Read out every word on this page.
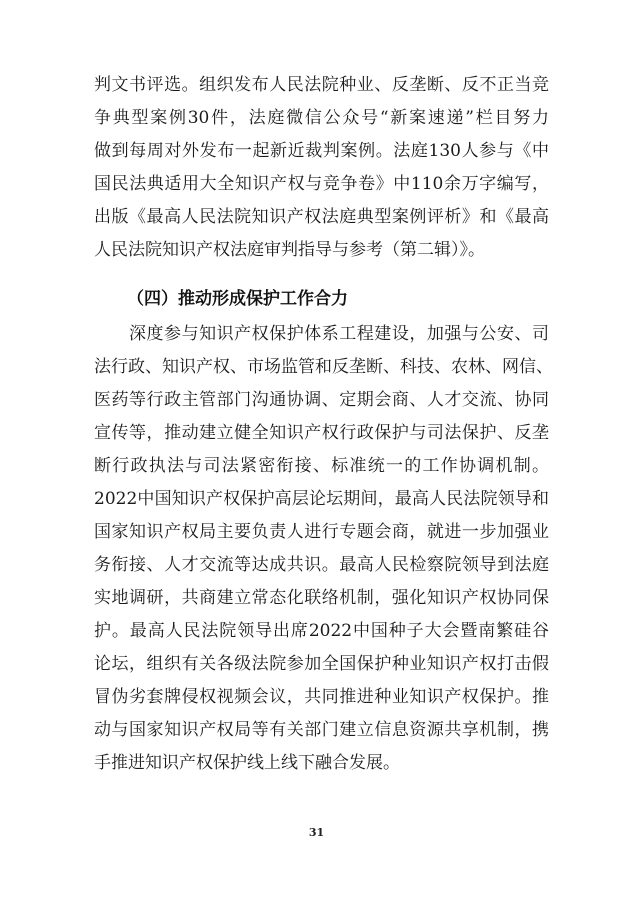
判文书评选。组织发布人民法院种业、反垄断、反不正当竞
争典型案例30件，法庭微信公众号“新案速递”栏目努力
做到每周对外发布一起新近裁判案例。法庭130人参与《中
国民法典适用大全知识产权与竞争卷》中110余万字编写，
出版《最高人民法院知识产权法庭典型案例评析》和《最高
人民法院知识产权法庭审判指导与参考（第二辑）》。
（四）推动形成保护工作合力
深度参与知识产权保护体系工程建设，加强与公安、司
法行政、知识产权、市场监管和反垄断、科技、农林、网信、
医药等行政主管部门沟通协调、定期会商、人才交流、协同
宣传等，推动建立健全知识产权行政保护与司法保护、反垄
断行政执法与司法紧密衔接、标准统一的工作协调机制。
2022中国知识产权保护高层论坛期间，最高人民法院领导和
国家知识产权局主要负责人进行专题会商，就进一步加强业
务衔接、人才交流等达成共识。最高人民检察院领导到法庭
实地调研，共商建立常态化联络机制，强化知识产权协同保
护。最高人民法院领导出席2022中国种子大会暨南繁硅谷
论坛，组织有关各级法院参加全国保护种业知识产权打击假
冒伪劣套牌侵权视频会议，共同推进种业知识产权保护。推
动与国家知识产权局等有关部门建立信息资源共享机制，携
手推进知识产权保护线上线下融合发展。
31
